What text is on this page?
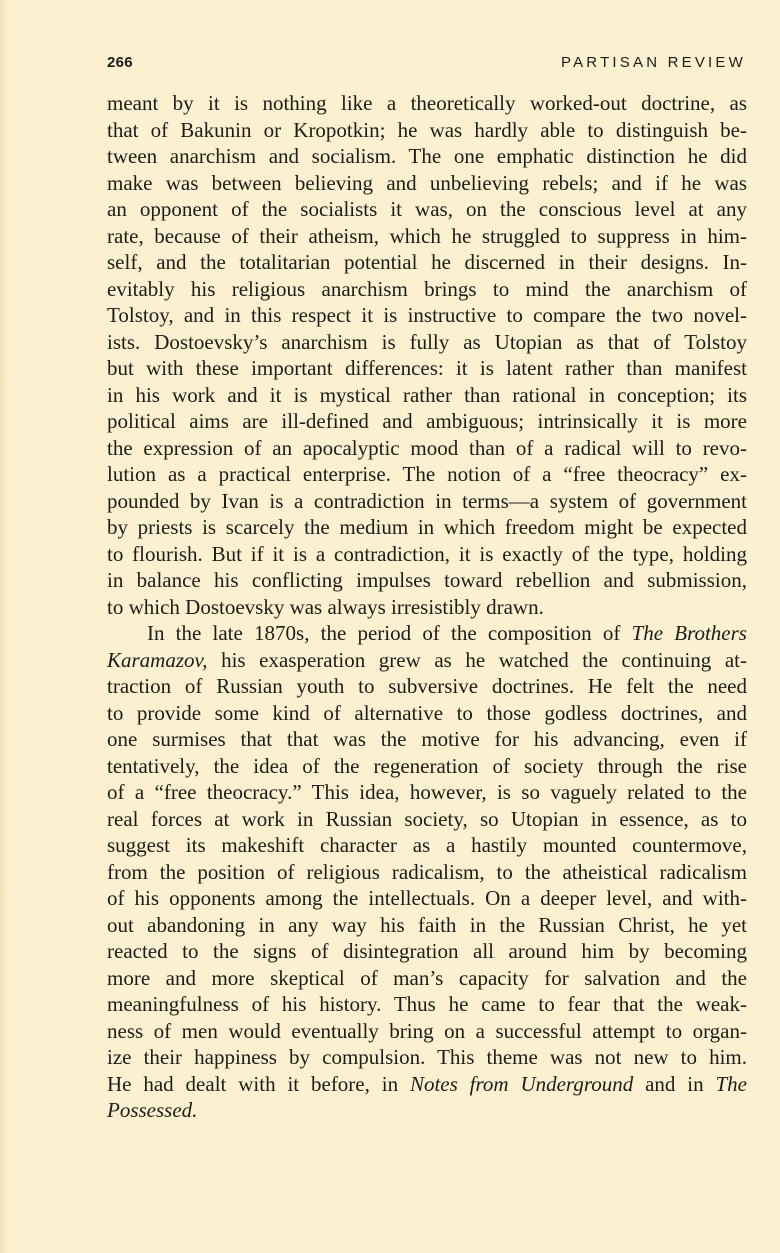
266	PARTISAN REVIEW
meant by it is nothing like a theoretically worked-out doctrine, as
that of Bakunin or Kropotkin; he was hardly able to distinguish be-
tween anarchism and socialism. The one emphatic distinction he did
make was between believing and unbelieving rebels; and if he was
an opponent of the socialists it was, on the conscious level at any
rate, because of their atheism, which he struggled to suppress in him-
self, and the totalitarian potential he discerned in their designs. In-
evitably his religious anarchism brings to mind the anarchism of
Tolstoy, and in this respect it is instructive to compare the two novel-
ists. Dostoevsky’s anarchism is fully as Utopian as that of Tolstoy
but with these important differences: it is latent rather than manifest
in his work and it is mystical rather than rational in conception; its
political aims are ill-defined and ambiguous; intrinsically it is more
the expression of an apocalyptic mood than of a radical will to revo-
lution as a practical enterprise. The notion of a “free theocracy” ex-
pounded by Ivan is a contradiction in terms—a system of government
by priests is scarcely the medium in which freedom might be expected
to flourish. But if it is a contradiction, it is exactly of the type, holding
in balance his conflicting impulses toward rebellion and submission,
to which Dostoevsky was always irresistibly drawn.
In the late 1870s, the period of the composition of The Brothers
Karamazov, his exasperation grew as he watched the continuing at-
traction of Russian youth to subversive doctrines. He felt the need
to provide some kind of alternative to those godless doctrines, and
one surmises that that was the motive for his advancing, even if
tentatively, the idea of the regeneration of society through the rise
of a “free theocracy.” This idea, however, is so vaguely related to the
real forces at work in Russian society, so Utopian in essence, as to
suggest its makeshift character as a hastily mounted countermove,
from the position of religious radicalism, to the atheistical radicalism
of his opponents among the intellectuals. On a deeper level, and with-
out abandoning in any way his faith in the Russian Christ, he yet
reacted to the signs of disintegration all around him by becoming
more and more skeptical of man’s capacity for salvation and the
meaningfulness of his history. Thus he came to fear that the weak-
ness of men would eventually bring on a successful attempt to organ-
ize their happiness by compulsion. This theme was not new to him.
He had dealt with it before, in Notes from Underground and in The
Possessed.
